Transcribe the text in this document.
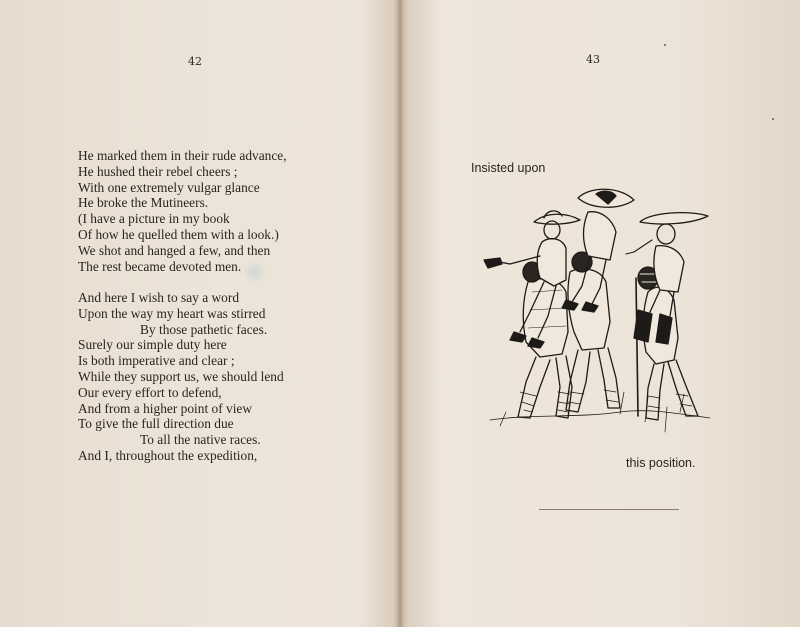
42
He marked them in their rude advance,
He hushed their rebel cheers ;
With one extremely vulgar glance
He broke the Mutineers.
(I have a picture in my book
Of how he quelled them with a look.)
We shot and hanged a few, and then
The rest became devoted men.
And here I wish to say a word
Upon the way my heart was stirred
By those pathetic faces.
Surely our simple duty here
Is both imperative and clear ;
While they support us, we should lend
Our every effort to defend,
And from a higher point of view
To give the full direction due
To all the native races.
And I, throughout the expedition,
43
Insisted upon
this position.
